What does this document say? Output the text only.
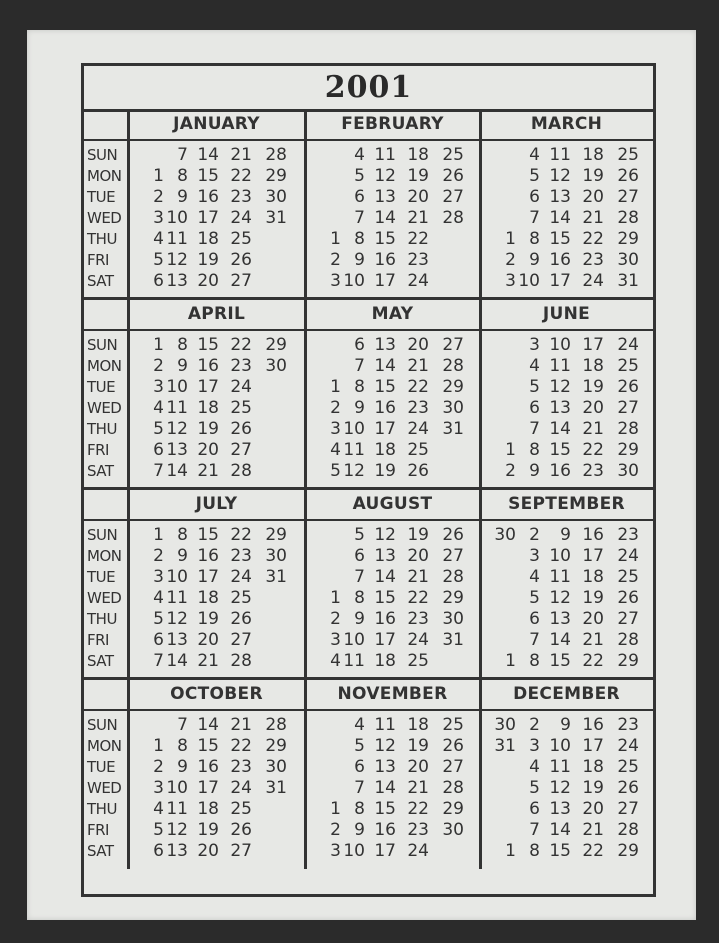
2001
SUN
MON
TUE
WED
THU
FRI
SAT
JANUARY
1
2
3
4
5
6
7
8
9
10
11
12
13
14
15
16
17
18
19
20
21
22
23
24
25
26
27
28
29
30
31
FEBRUARY
1
2
3
4
5
6
7
8
9
10
11
12
13
14
15
16
17
18
19
20
21
22
23
24
25
26
27
28
MARCH
1
2
3
4
5
6
7
8
9
10
11
12
13
14
15
16
17
18
19
20
21
22
23
24
25
26
27
28
29
30
31
SUN
MON
TUE
WED
THU
FRI
SAT
APRIL
1
2
3
4
5
6
7
8
9
10
11
12
13
14
15
16
17
18
19
20
21
22
23
24
25
26
27
28
29
30
MAY
1
2
3
4
5
6
7
8
9
10
11
12
13
14
15
16
17
18
19
20
21
22
23
24
25
26
27
28
29
30
31
JUNE
1
2
3
4
5
6
7
8
9
10
11
12
13
14
15
16
17
18
19
20
21
22
23
24
25
26
27
28
29
30
SUN
MON
TUE
WED
THU
FRI
SAT
JULY
1
2
3
4
5
6
7
8
9
10
11
12
13
14
15
16
17
18
19
20
21
22
23
24
25
26
27
28
29
30
31
AUGUST
1
2
3
4
5
6
7
8
9
10
11
12
13
14
15
16
17
18
19
20
21
22
23
24
25
26
27
28
29
30
31
SEPTEMBER
30
1
2
3
4
5
6
7
8
9
10
11
12
13
14
15
16
17
18
19
20
21
22
23
24
25
26
27
28
29
SUN
MON
TUE
WED
THU
FRI
SAT
OCTOBER
1
2
3
4
5
6
7
8
9
10
11
12
13
14
15
16
17
18
19
20
21
22
23
24
25
26
27
28
29
30
31
NOVEMBER
1
2
3
4
5
6
7
8
9
10
11
12
13
14
15
16
17
18
19
20
21
22
23
24
25
26
27
28
29
30
DECEMBER
30
31
1
2
3
4
5
6
7
8
9
10
11
12
13
14
15
16
17
18
19
20
21
22
23
24
25
26
27
28
29
